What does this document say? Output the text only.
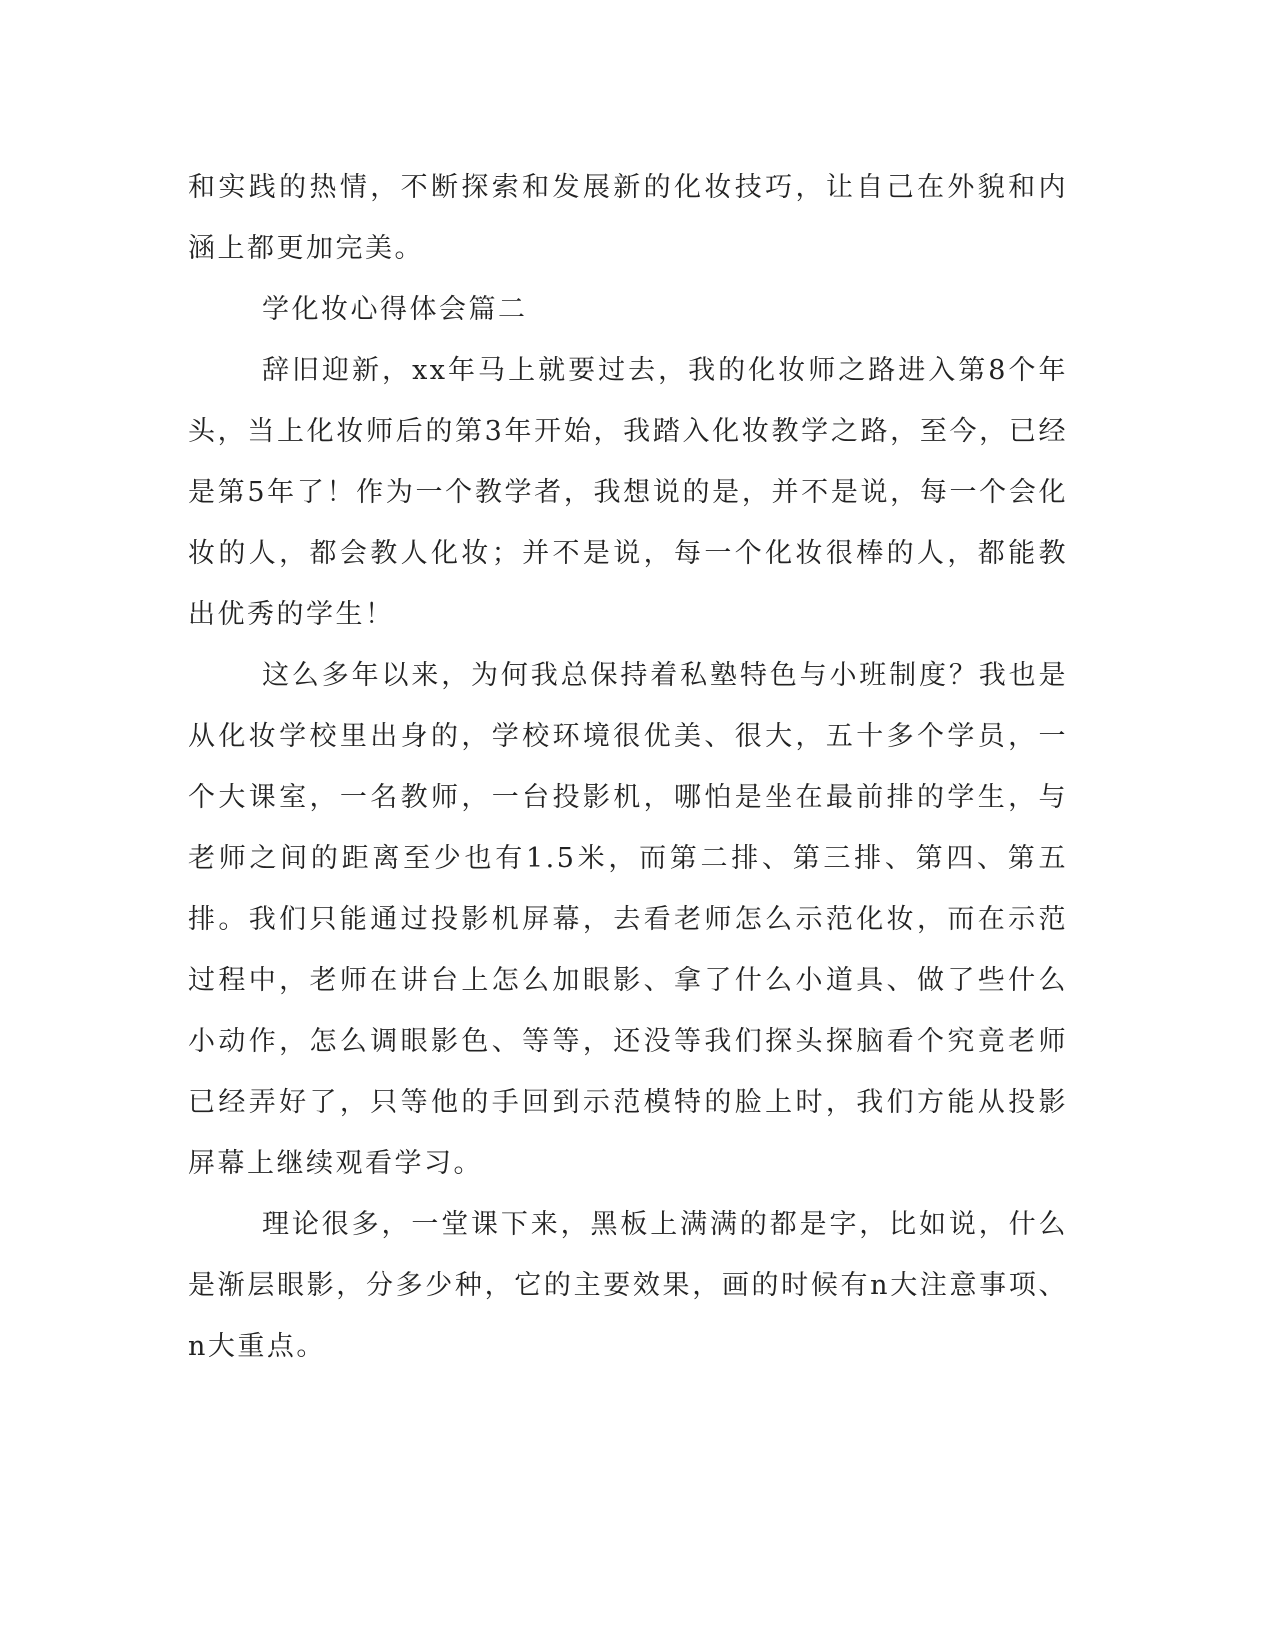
和实践的热情，不断探索和发展新的化妆技巧，让自己在外貌和内涵上都更加完美。

学化妆心得体会篇二

辞旧迎新，xx年马上就要过去，我的化妆师之路进入第8个年头，当上化妆师后的第3年开始，我踏入化妆教学之路，至今，已经是第5年了！作为一个教学者，我想说的是，并不是说，每一个会化妆的人，都会教人化妆；并不是说，每一个化妆很棒的人，都能教出优秀的学生！

这么多年以来，为何我总保持着私塾特色与小班制度？我也是从化妆学校里出身的，学校环境很优美、很大，五十多个学员，一个大课室，一名教师，一台投影机，哪怕是坐在最前排的学生，与老师之间的距离至少也有1.5米，而第二排、第三排、第四、第五排。我们只能通过投影机屏幕，去看老师怎么示范化妆，而在示范过程中，老师在讲台上怎么加眼影、拿了什么小道具、做了些什么小动作，怎么调眼影色、等等，还没等我们探头探脑看个究竟老师已经弄好了，只等他的手回到示范模特的脸上时，我们方能从投影屏幕上继续观看学习。

理论很多，一堂课下来，黑板上满满的都是字，比如说，什么是渐层眼影，分多少种，它的主要效果，画的时候有n大注意事项、n大重点。
